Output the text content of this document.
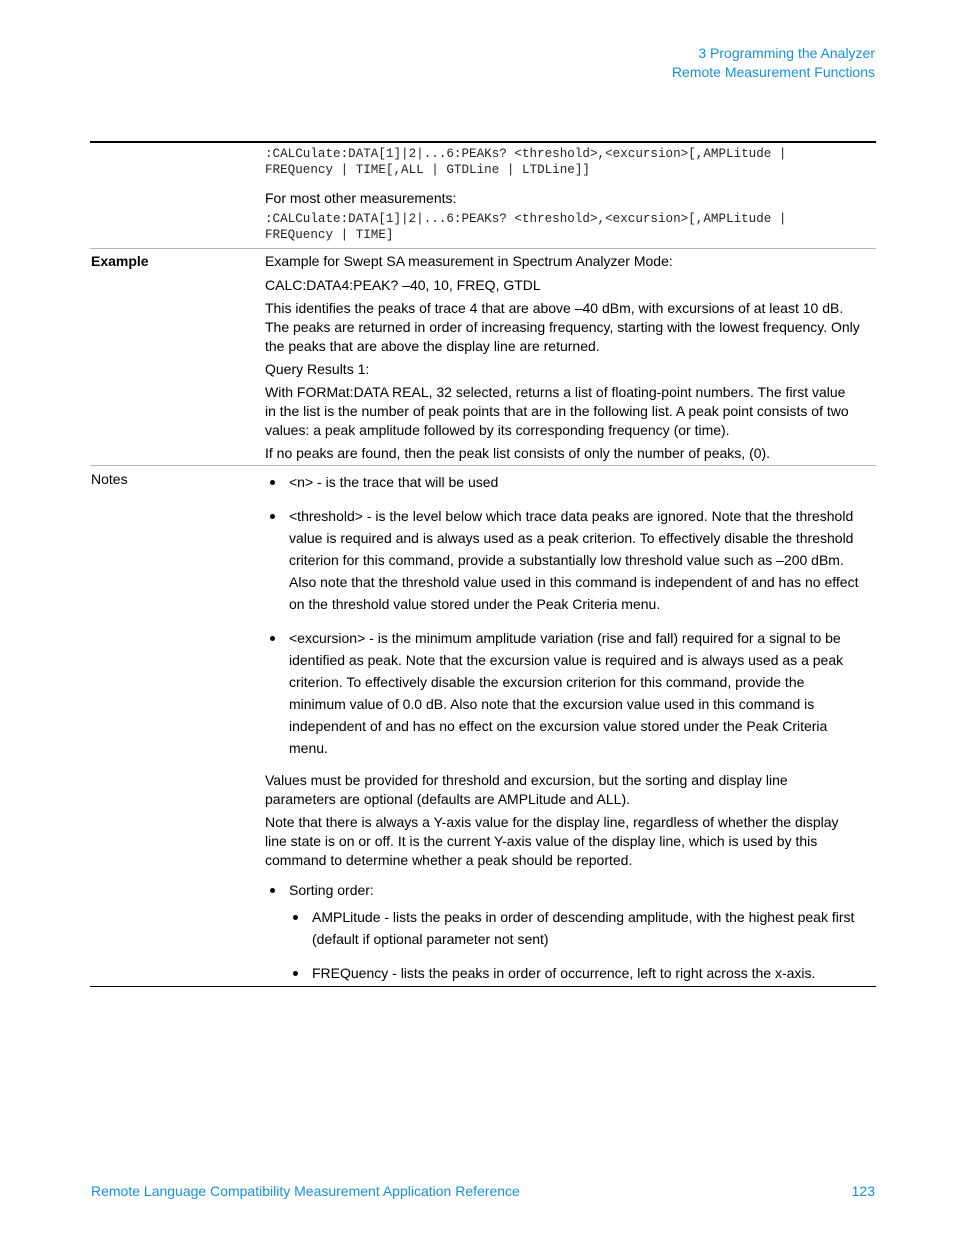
3 Programming the Analyzer
Remote Measurement Functions
:CALCulate:DATA[1]|2|...6:PEAKs? <threshold>,<excursion>[,AMPLitude |
FREQuency | TIME[,ALL | GTDLine | LTDLine]]
For most other measurements:
:CALCulate:DATA[1]|2|...6:PEAKs? <threshold>,<excursion>[,AMPLitude |
FREQuency | TIME]
Example	Example for Swept SA measurement in Spectrum Analyzer Mode:
CALC:DATA4:PEAK? –40, 10, FREQ, GTDL
This identifies the peaks of trace 4 that are above –40 dBm, with excursions of at least 10 dB. The peaks are returned in order of increasing frequency, starting with the lowest frequency. Only the peaks that are above the display line are returned.
Query Results 1:
With FORMat:DATA REAL, 32 selected, returns a list of floating-point numbers. The first value in the list is the number of peak points that are in the following list. A peak point consists of two values: a peak amplitude followed by its corresponding frequency (or time).
If no peaks are found, then the peak list consists of only the number of peaks, (0).
Notes	<n> - is the trace that will be used
<threshold> - is the level below which trace data peaks are ignored. Note that the threshold value is required and is always used as a peak criterion. To effectively disable the threshold criterion for this command, provide a substantially low threshold value such as –200 dBm. Also note that the threshold value used in this command is independent of and has no effect on the threshold value stored under the Peak Criteria menu.
<excursion> - is the minimum amplitude variation (rise and fall) required for a signal to be identified as peak. Note that the excursion value is required and is always used as a peak criterion. To effectively disable the excursion criterion for this command, provide the minimum value of 0.0 dB. Also note that the excursion value used in this command is independent of and has no effect on the excursion value stored under the Peak Criteria menu.
Values must be provided for threshold and excursion, but the sorting and display line parameters are optional (defaults are AMPLitude and ALL).
Note that there is always a Y-axis value for the display line, regardless of whether the display line state is on or off. It is the current Y-axis value of the display line, which is used by this command to determine whether a peak should be reported.
Sorting order:
AMPLitude - lists the peaks in order of descending amplitude, with the highest peak first (default if optional parameter not sent)
FREQuency - lists the peaks in order of occurrence, left to right across the x-axis.
Remote Language Compatibility Measurement Application Reference	123
